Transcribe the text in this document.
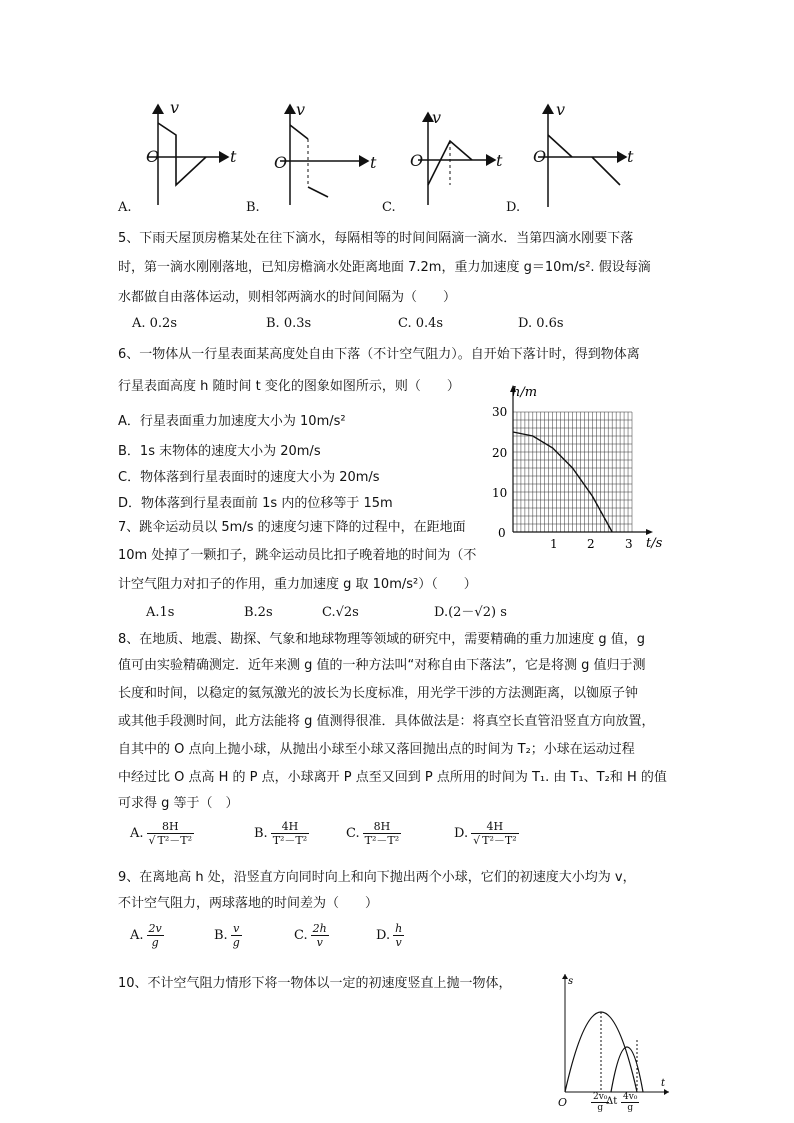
v
O	t
v
O	t
v
O	t
v
O	t
A.	B.	C.	D.
5、下雨天屋顶房檐某处在往下滴水，每隔相等的时间间隔滴一滴水．当第四滴水刚要下落
时，第一滴水刚刚落地，已知房檐滴水处距离地面 7.2m，重力加速度 g＝10m/s². 假设每滴
水都做自由落体运动，则相邻两滴水的时间间隔为（　　）
A. 0.2s	B. 0.3s	C. 0.4s	D. 0.6s
6、一物体从一行星表面某高度处自由下落（不计空气阻力）。自开始下落计时，得到物体离
行星表面高度 h 随时间 t 变化的图象如图所示，则（　　）
A．行星表面重力加速度大小为 10m/s²
B．1s 末物体的速度大小为 20m/s
C．物体落到行星表面时的速度大小为 20m/s
D．物体落到行星表面前 1s 内的位移等于 15m
h/m
t/s
30
20
10
0
1 2	3
7、跳伞运动员以 5m/s 的速度匀速下降的过程中，在距地面
10m 处掉了一颗扣子，跳伞运动员比扣子晚着地的时间为（不
计空气阻力对扣子的作用，重力加速度 g 取 10m/s²）（　　）
A.1s	B.2s	C.√2s	D.(2－√2) s
8、在地质、地震、勘探、气象和地球物理等领域的研究中，需要精确的重力加速度 g 值，g
值可由实验精确测定．近年来测 g 值的一种方法叫“对称自由下落法”，它是将测 g 值归于测
长度和时间，以稳定的氦氖激光的波长为长度标准，用光学干涉的方法测距离，以铷原子钟
或其他手段测时间，此方法能将 g 值测得很准．具体做法是：将真空长直管沿竖直方向放置，
自其中的 O 点向上抛小球，从抛出小球至小球又落回抛出点的时间为 T₂；小球在运动过程
中经过比 O 点高 H 的 P 点，小球离开 P 点至又回到 P 点所用的时间为 T₁. 由 T₁、T₂和 H 的值
可求得 g 等于（　）
A. $\frac{8H}{\text{√ T²－T²}}$	B. $\frac{4H}{\text{T²－T²}}$	C. $\frac{8H}{\text{T²－T²}}$	D. $\frac{4H}{\text{√ T²－T²}}$
9、在离地高 h 处，沿竖直方向同时向上和向下抛出两个小球，它们的初速度大小均为 v，
不计空气阻力，两球落地的时间差为（　　）
A. $\frac{2v}{g}$	B. $\frac{v}{g}$	C. $\frac{2h}{v}$	D. $\frac{h}{v}$
10、不计空气阻力情形下将一物体以一定的初速度竖直上抛一物体，	s
t
O	$\frac{\text{2v₀}}{g}$
Δt $\frac{\text{4v₀}}{g}$
